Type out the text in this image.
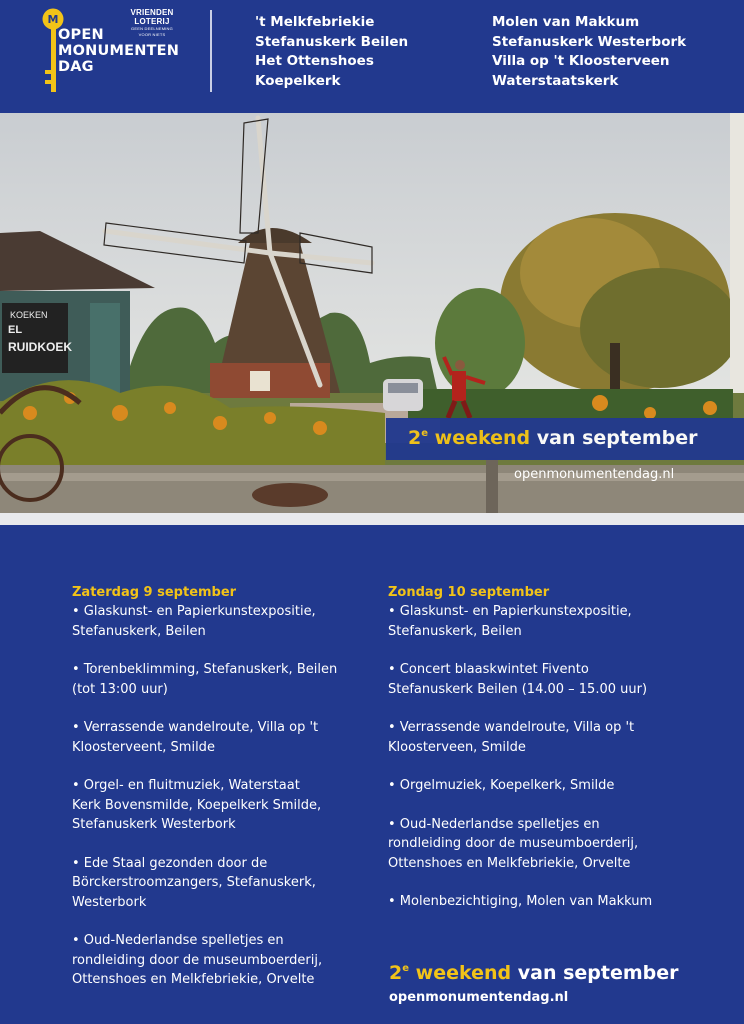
M
OPEN
MONUMENTEN
DAG
VRIENDEN
LOTERIJ
GEEN DEELNEMING VOOR NIETS
't Melkfebriekie
Stefanuskerk Beilen
Het Ottenshoes
Koepelkerk
Molen van Makkum
Stefanuskerk Westerbork
Villa op 't Kloosterveen
Waterstaatskerk
KOEKEN
EL
RUIDKOEK
2e weekend van september
openmonumentendag.nl
Zaterdag 9 september
• Glaskunst- en Papierkunstexpositie,
Stefanuskerk, Beilen
• Torenbeklimming, Stefanuskerk, Beilen
(tot 13:00 uur)
• Verrassende wandelroute, Villa op 't
Kloosterveent, Smilde
• Orgel- en fluitmuziek, Waterstaat
Kerk Bovensmilde, Koepelkerk Smilde,
Stefanuskerk Westerbork
• Ede Staal gezonden door de
Börckerstroomzangers, Stefanuskerk,
Westerbork
• Oud-Nederlandse spelletjes en
rondleiding door de museumboerderij,
Ottenshoes en Melkfebriekie, Orvelte
Zondag 10 september
• Glaskunst- en Papierkunstexpositie,
Stefanuskerk, Beilen
• Concert blaaskwintet Fivento
Stefanuskerk Beilen (14.00 – 15.00 uur)
• Verrassende wandelroute, Villa op 't
Kloosterveen, Smilde
• Orgelmuziek, Koepelkerk, Smilde
• Oud-Nederlandse spelletjes en
rondleiding door de museumboerderij,
Ottenshoes en Melkfebriekie, Orvelte
• Molenbezichtiging, Molen van Makkum
2e weekend van september
openmonumentendag.nl
